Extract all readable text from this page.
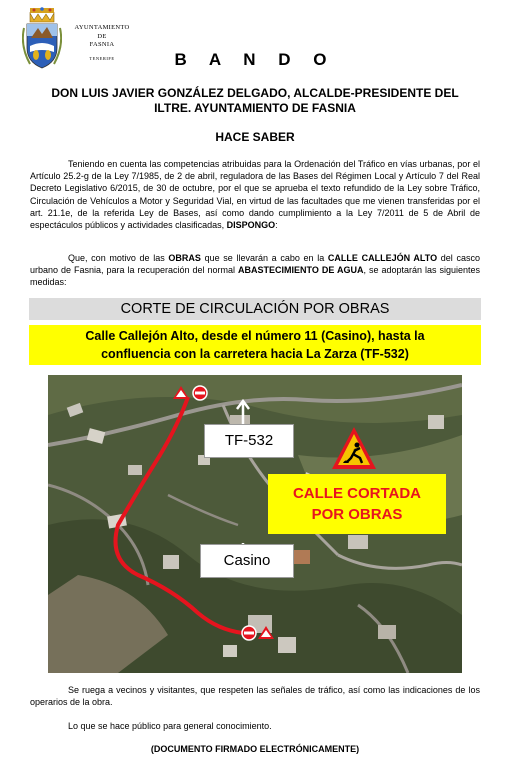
AYUNTAMIENTO
DE
FASNIA
TENERIFE	B A N D O
DON LUIS JAVIER GONZÁLEZ DELGADO, ALCALDE-PRESIDENTE DEL
ILTRE. AYUNTAMIENTO DE FASNIA
HACE SABER
Teniendo en cuenta las competencias atribuidas para la Ordenación del Tráfico en vías urbanas, por el Artículo 25.2-g de la Ley 7/1985, de 2 de abril, reguladora de las Bases del Régimen Local y Artículo 7 del Real Decreto Legislativo 6/2015, de 30 de octubre, por el que se aprueba el texto refundido de la Ley sobre Tráfico, Circulación de Vehículos a Motor y Seguridad Vial, en virtud de las facultades que me vienen transferidas por el art. 21.1e, de la referida Ley de Bases, así como dando cumplimiento a la Ley 7/2011 de 5 de Abril de espectáculos públicos y actividades clasificadas, DISPONGO:
Que, con motivo de las OBRAS que se llevarán a cabo en la CALLE CALLEJÓN ALTO del casco urbano de Fasnia, para la recuperación del normal ABASTECIMIENTO DE AGUA, se adoptarán las siguientes medidas:
CORTE DE CIRCULACIÓN POR OBRAS
Calle Callejón Alto, desde el número 11 (Casino), hasta la
confluencia con la carretera hacia La Zarza (TF-532)
TF-532
Casino
CALLE CORTADA
POR OBRAS
Se ruega a vecinos y visitantes, que respeten las señales de tráfico, así como las indicaciones de los operarios de la obra.
Lo que se hace público para general conocimiento.
(DOCUMENTO FIRMADO ELECTRÓNICAMENTE)
